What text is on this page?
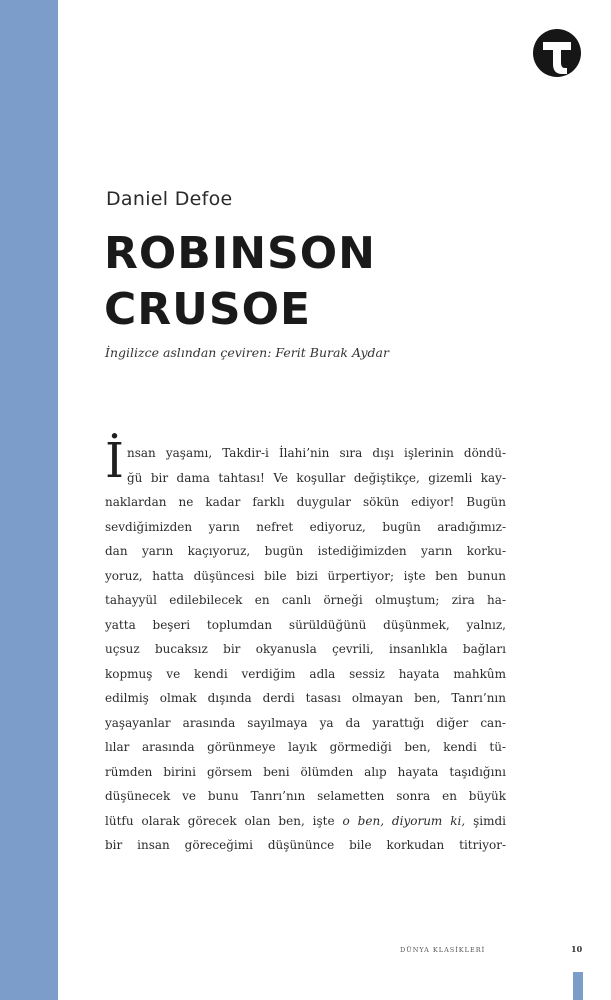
Daniel Defoe
ROBINSON
CRUSOE
İngilizce aslından çeviren: Ferit Burak Aydar
İ nsan yaşamı, Takdir-i İlahi’nin sıra dışı işlerinin döndü-
ğü bir dama tahtası! Ve koşullar değiştikçe, gizemli kay-
naklardan ne kadar farklı duygular sökün ediyor! Bugün
sevdiğimizden yarın nefret ediyoruz, bugün aradığımız-
dan yarın kaçıyoruz, bugün istediğimizden yarın korku-
yoruz, hatta düşüncesi bile bizi ürpertiyor; işte ben bunun
tahayyül edilebilecek en canlı örneği olmuştum; zira ha-
yatta beşeri toplumdan sürüldüğünü düşünmek, yalnız,
uçsuz bucaksız bir okyanusla çevrili, insanlıkla bağları
kopmuş ve kendi verdiğim adla sessiz hayata mahkûm
edilmiş olmak dışında derdi tasası olmayan ben, Tanrı’nın
yaşayanlar arasında sayılmaya ya da yarattığı diğer can-
lılar arasında görünmeye layık görmediği ben, kendi tü-
rümden birini görsem beni ölümden alıp hayata taşıdığını
düşünecek ve bunu Tanrı’nın selametten sonra en büyük
lütfu olarak görecek olan ben, işte o ben, diyorum ki, şimdi
bir insan göreceğimi düşününce bile korkudan titriyor-
DÜNYA KLASİKLERİ	10
